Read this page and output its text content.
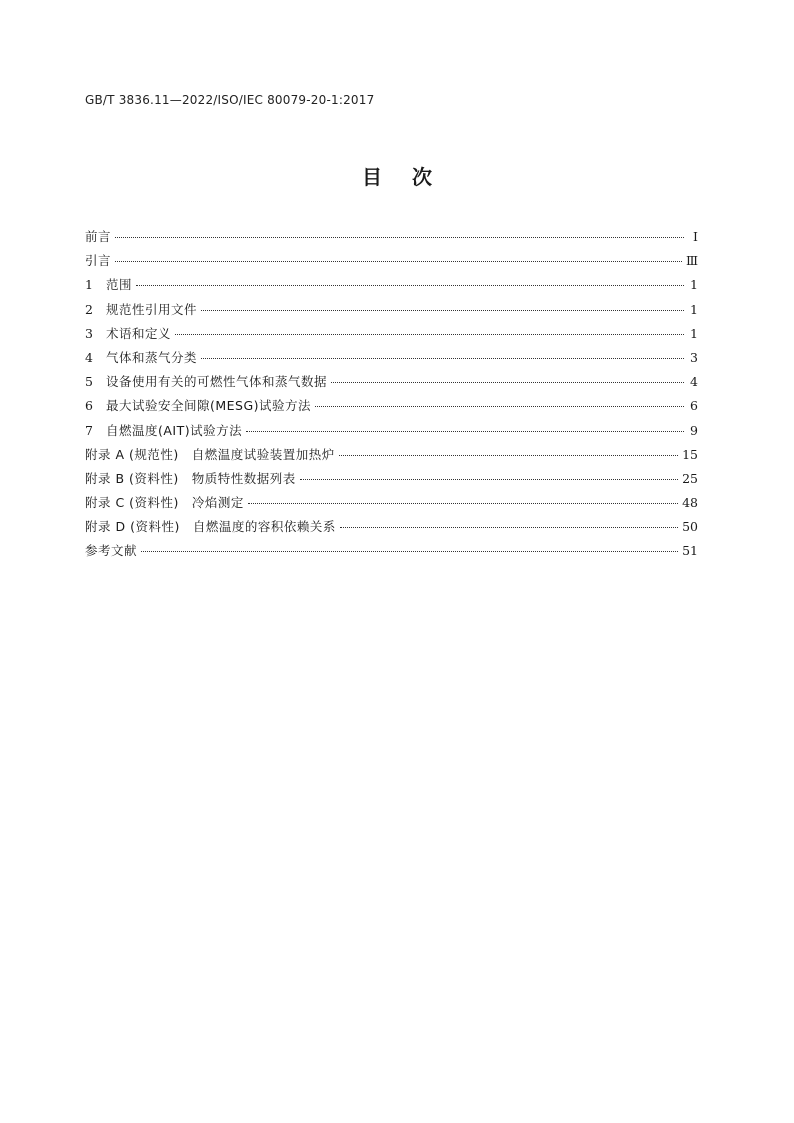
GB/T 3836.11—2022/ISO/IEC 80079-20-1:2017
目次
前言	Ⅰ
引言	Ⅲ
1	范围	1
2	规范性引用文件	1
3	术语和定义	1
4	气体和蒸气分类	3
5	设备使用有关的可燃性气体和蒸气数据	4
6	最大试验安全间隙(MESG)试验方法	6
7	自燃温度(AIT)试验方法	9
附录 A (规范性)　自燃温度试验装置加热炉	15
附录 B (资料性)　物质特性数据列表	25
附录 C (资料性)　冷焰测定	48
附录 D (资料性)　自燃温度的容积依赖关系	50
参考文献	51
